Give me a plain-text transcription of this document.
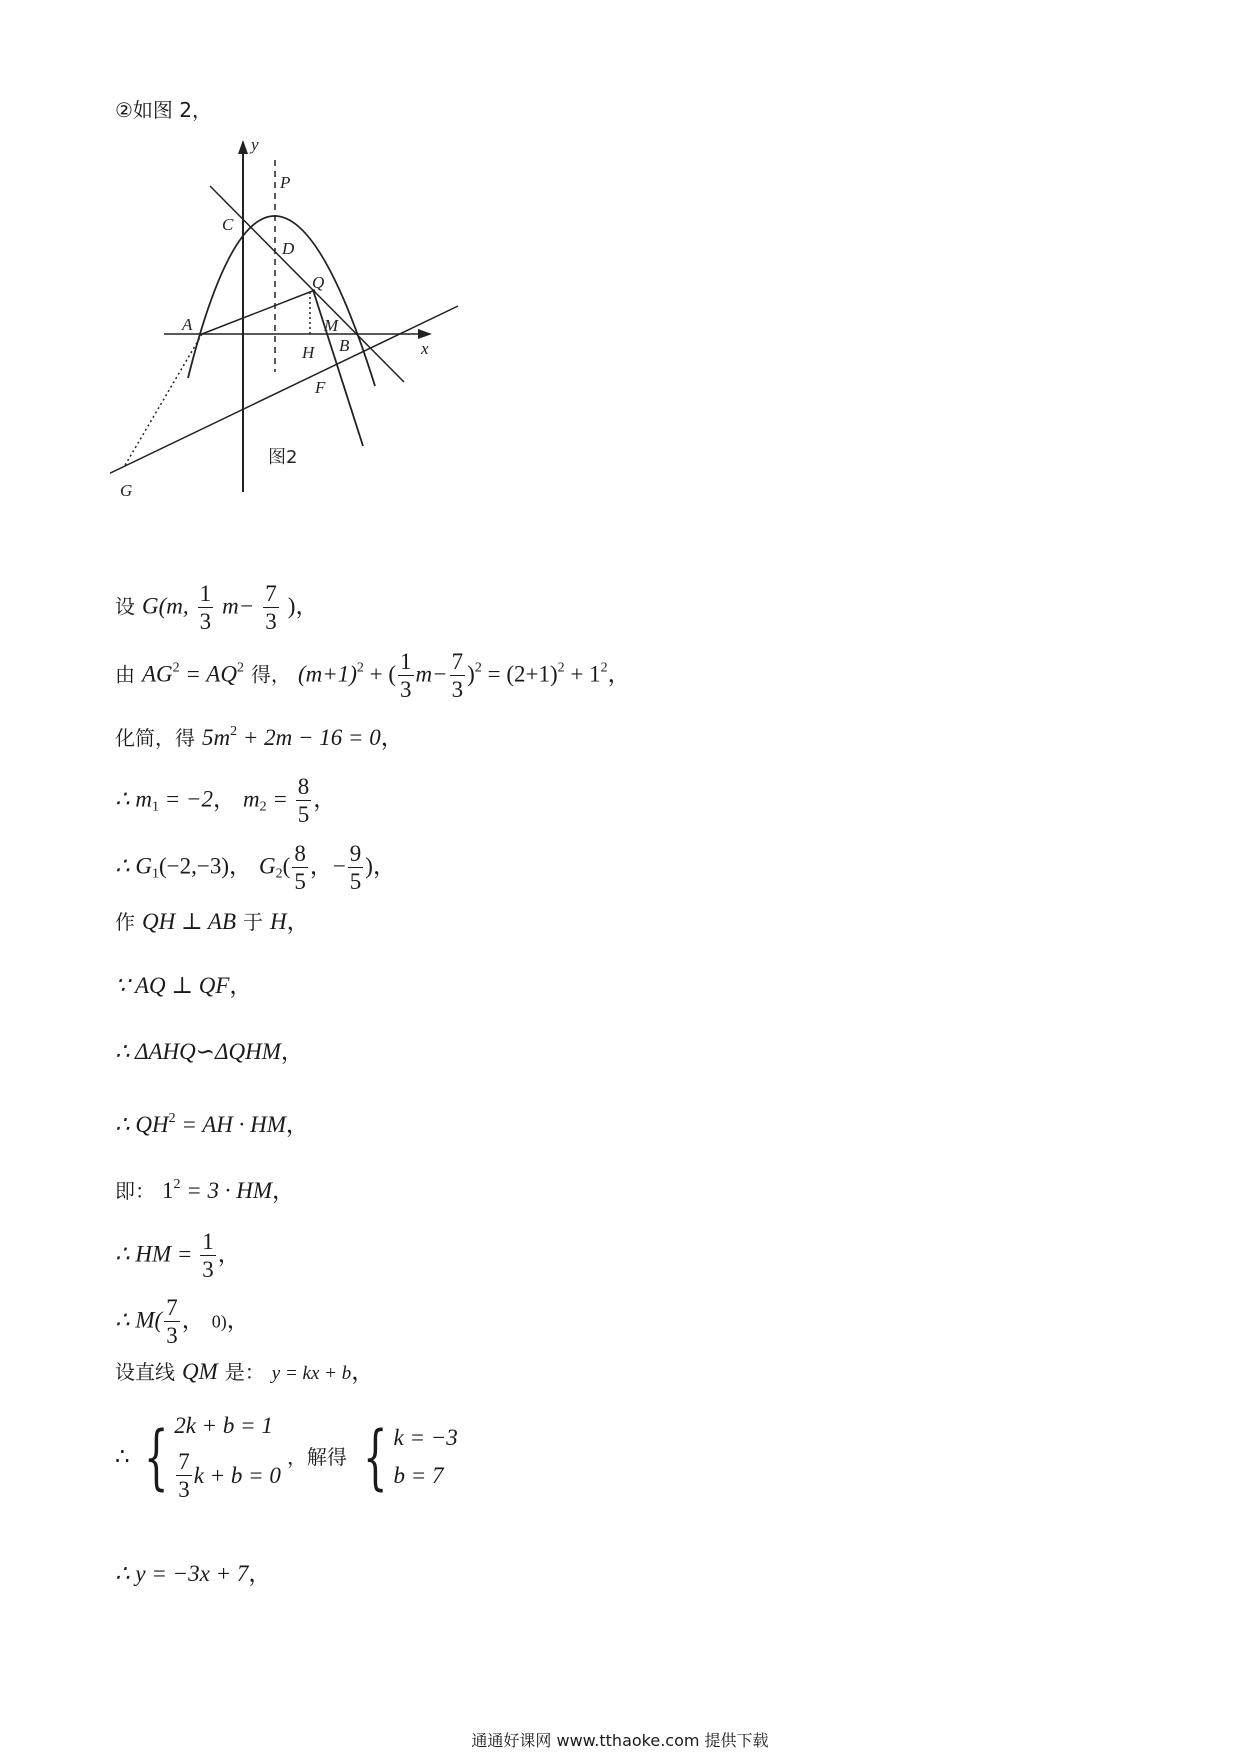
②如图 2，
y
P
C
D
Q
A	M
H B	x
F
G
图2
设 G(m, $\frac{1}{3} m- \frac{7}{3}$ )，
由 $AG^2 = AQ^2$ 得， $(m+1)^2$ + ( $\frac{1}{3} m- \frac{7}{3} )^2 = (2+1)^2 + 1^2$，
化简，得 $5m^2 + 2m - 16 = 0$，
∴ $m_1 = -2$， $m_2 = \frac{8}{5}$ ，
∴ $G_1(-2,-3)$， $G_2( \frac{8}{5}$ ，− $\frac{9}{5}$ )，
作 QH ⊥ AB 于 H，
∵ AQ ⊥ QF，
∴ ΔAHQ∽ΔQHM，
∴ $QH^2$ = AH · HM，
即： $1^2 = 3$ · HM，
∴ HM = $\frac{1}{3}$ ，
∴ $M( \frac{7}{3}$ ， 0)，
设直线 QM 是： y = kx + b，
∴ { 2k + b = 1
$\frac{7}{3}$ k + b = 0
，解得 { k = −3
b = 7
∴ y = −3x + 7，
通通好课网 www.tthaoke.com 提供下载
